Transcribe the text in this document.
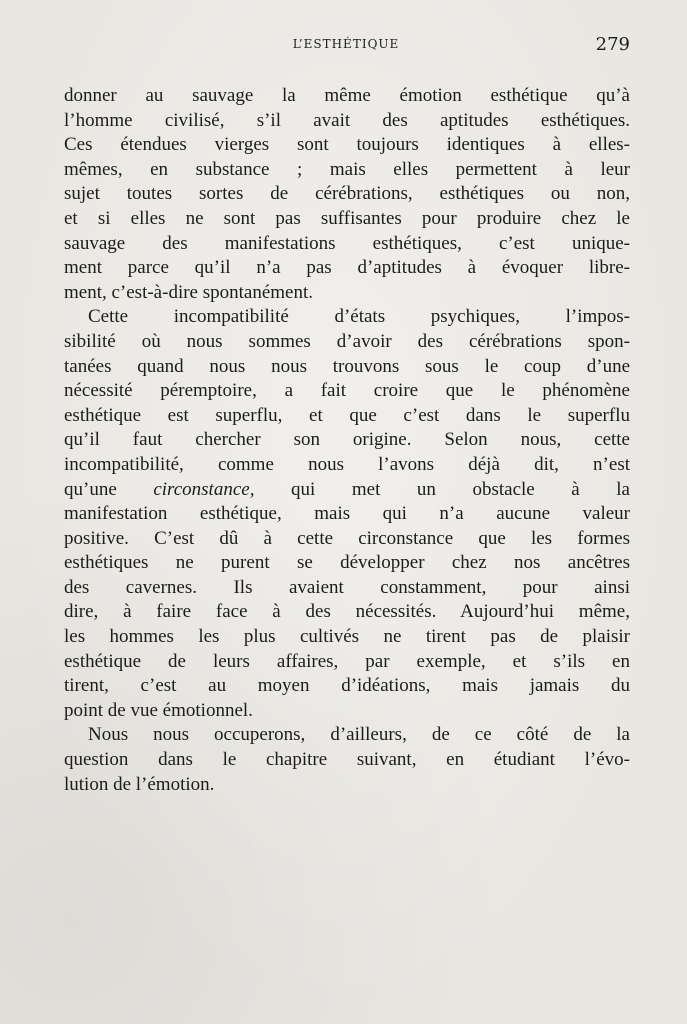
L’ESTHÉTIQUE	279
donner au sauvage la même émotion esthétique qu’à
l’homme civilisé, s’il avait des aptitudes esthétiques.
Ces étendues vierges sont toujours identiques à elles-
mêmes, en substance ; mais elles permettent à leur
sujet toutes sortes de cérébrations, esthétiques ou non,
et si elles ne sont pas suffisantes pour produire chez le
sauvage des manifestations esthétiques, c’est unique-
ment parce qu’il n’a pas d’aptitudes à évoquer libre-
ment, c’est-à-dire spontanément.
Cette incompatibilité d’états psychiques, l’impos-
sibilité où nous sommes d’avoir des cérébrations spon-
tanées quand nous nous trouvons sous le coup d’une
nécessité péremptoire, a fait croire que le phénomène
esthétique est superflu, et que c’est dans le superflu
qu’il faut chercher son origine. Selon nous, cette
incompatibilité, comme nous l’avons déjà dit, n’est
qu’une circonstance, qui met un obstacle à la
manifestation esthétique, mais qui n’a aucune valeur
positive. C’est dû à cette circonstance que les formes
esthétiques ne purent se développer chez nos ancêtres
des cavernes. Ils avaient constamment, pour ainsi
dire, à faire face à des nécessités. Aujourd’hui même,
les hommes les plus cultivés ne tirent pas de plaisir
esthétique de leurs affaires, par exemple, et s’ils en
tirent, c’est au moyen d’idéations, mais jamais du
point de vue émotionnel.
Nous nous occuperons, d’ailleurs, de ce côté de la
question dans le chapitre suivant, en étudiant l’évo-
lution de l’émotion.
